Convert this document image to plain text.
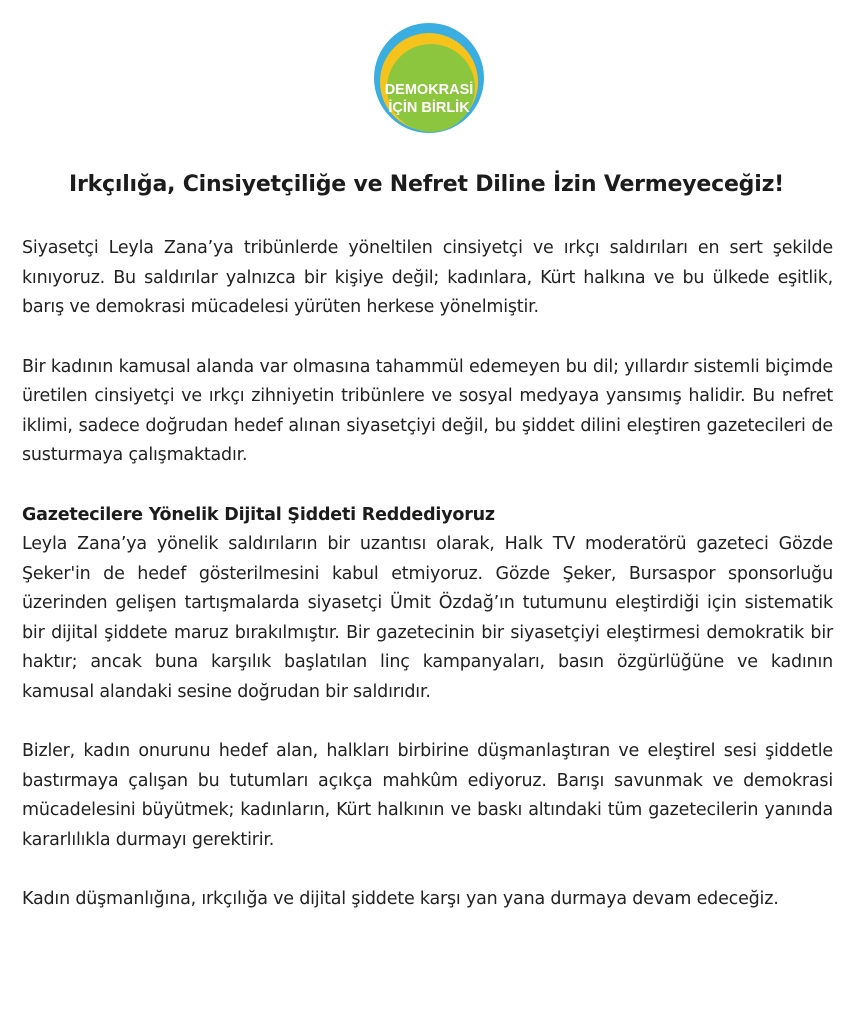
DEMOKRASİ
İÇİN BİRLİK
Irkçılığa, Cinsiyetçiliğe ve Nefret Diline İzin Vermeyeceğiz!

Siyasetçi Leyla Zana’ya tribünlerde yöneltilen cinsiyetçi ve ırkçı saldırıları en sert şekilde kınıyoruz. Bu saldırılar yalnızca bir kişiye değil; kadınlara, Kürt halkına ve bu ülkede eşitlik, barış ve demokrasi mücadelesi yürüten herkese yönelmiştir.

Bir kadının kamusal alanda var olmasına tahammül edemeyen bu dil; yıllardır sistemli biçimde üretilen cinsiyetçi ve ırkçı zihniyetin tribünlere ve sosyal medyaya yansımış halidir. Bu nefret iklimi, sadece doğrudan hedef alınan siyasetçiyi değil, bu şiddet dilini eleştiren gazetecileri de susturmaya çalışmaktadır.

Gazetecilere Yönelik Dijital Şiddeti Reddediyoruz

Leyla Zana’ya yönelik saldırıların bir uzantısı olarak, Halk TV moderatörü gazeteci Gözde Şeker'in de hedef gösterilmesini kabul etmiyoruz. Gözde Şeker, Bursaspor sponsorluğu üzerinden gelişen tartışmalarda siyasetçi Ümit Özdağ’ın tutumunu eleştirdiği için sistematik bir dijital şiddete maruz bırakılmıştır. Bir gazetecinin bir siyasetçiyi eleştirmesi demokratik bir haktır; ancak buna karşılık başlatılan linç kampanyaları, basın özgürlüğüne ve kadının kamusal alandaki sesine doğrudan bir saldırıdır.

Bizler, kadın onurunu hedef alan, halkları birbirine düşmanlaştıran ve eleştirel sesi şiddetle bastırmaya çalışan bu tutumları açıkça mahkûm ediyoruz. Barışı savunmak ve demokrasi mücadelesini büyütmek; kadınların, Kürt halkının ve baskı altındaki tüm gazetecilerin yanında kararlılıkla durmayı gerektirir.

Kadın düşmanlığına, ırkçılığa ve dijital şiddete karşı yan yana durmaya devam edeceğiz.
